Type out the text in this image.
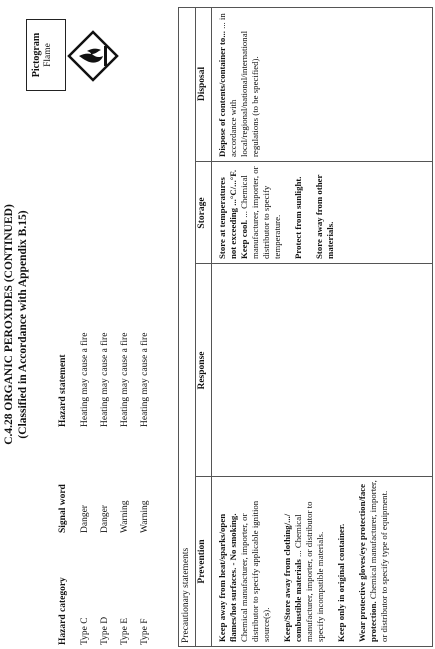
C.4.28 ORGANIC PEROXIDES (CONTINUED) (Classified in Accordance with Appendix B.15)
Pictogram Flame
Hazard category
Signal word
Hazard statement
Type C
Danger
Heating may cause a fire
Type D
Danger
Heating may cause a fire
Type E
Warning
Heating may cause a fire
Type F
Warning
Heating may cause a fire
Precautionary statements Prevention
Response
Storage
Disposal
Keep away from heat/sparks/open flames/hot surfaces. - No smoking. Chemical manufacturer, importer, or distributor to specify applicable ignition source(s). Keep/Store away from clothing/.../ combustible materials ... Chemical manufacturer, importer, or distributor to specify incompatible materials. Keep only in original container. Wear protective gloves/eye protection/face protection. Chemical manufacturer, importer, or distributor to specify type of equipment.
Store at temperatures not exceeding ...°C/...°F. Keep cool. ... Chemical manufacturer, importer, or distributor to specify temperature. Protect from sunlight. Store away from other materials.
Dispose of contents/container to... ... in accordance with local/regional/national/international regulations (to be specified).
